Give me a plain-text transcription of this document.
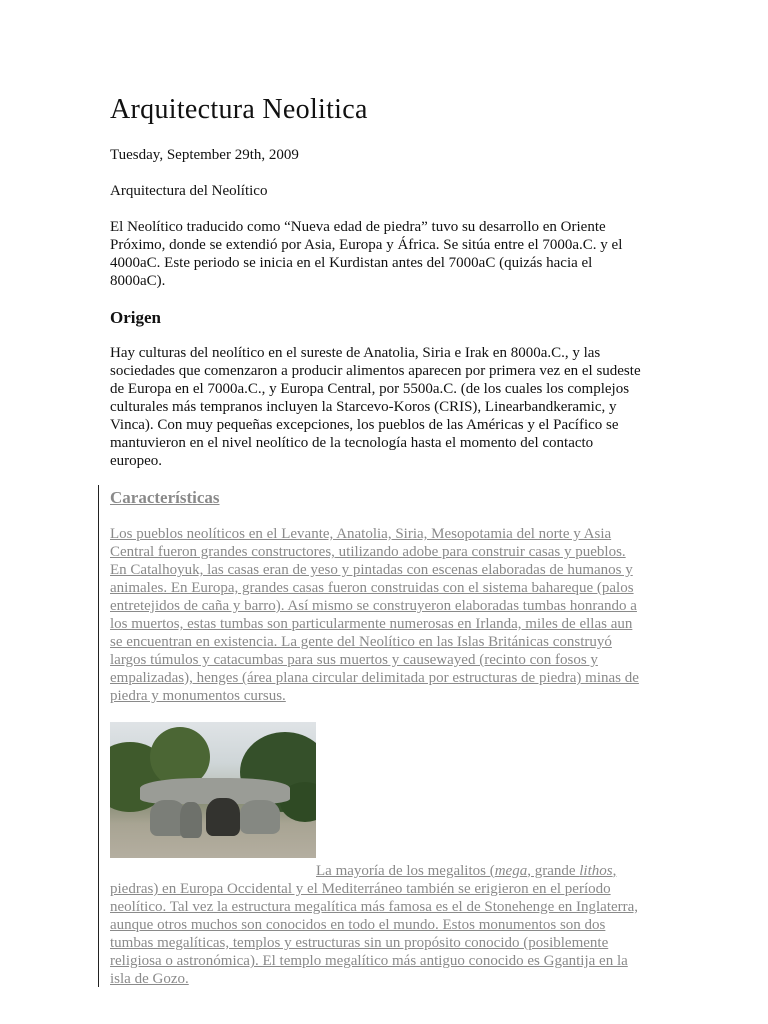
Arquitectura Neolitica
Tuesday, September 29th, 2009
Arquitectura del Neolítico
El Neolítico traducido como “Nueva edad de piedra” tuvo su desarrollo en Oriente
Próximo, donde se extendió por Asia, Europa y África. Se sitúa entre el 7000a.C. y el
4000aC. Este periodo se inicia en el Kurdistan antes del 7000aC (quizás hacia el
8000aC).
Origen
Hay culturas del neolítico en el sureste de Anatolia, Siria e Irak en 8000a.C., y las
sociedades que comenzaron a producir alimentos aparecen por primera vez en el sudeste
de Europa en el 7000a.C., y Europa Central, por 5500a.C. (de los cuales los complejos
culturales más tempranos incluyen la Starcevo-Koros (CRIS), Linearbandkeramic, y
Vinca). Con muy pequeñas excepciones, los pueblos de las Américas y el Pacífico se
mantuvieron en el nivel neolítico de la tecnología hasta el momento del contacto
europeo.
Características
Los pueblos neolíticos en el Levante, Anatolia, Siria, Mesopotamia del norte y Asia
Central fueron grandes constructores, utilizando adobe para construir casas y pueblos.
En Catalhoyuk, las casas eran de yeso y pintadas con escenas elaboradas de humanos y
animales. En Europa, grandes casas fueron construidas con el sistema bahareque (palos
entretejidos de caña y barro). Así mismo se construyeron elaboradas tumbas honrando a
los muertos, estas tumbas son particularmente numerosas en Irlanda, miles de ellas aun
se encuentran en existencia. La gente del Neolítico en las Islas Británicas construyó
largos túmulos y catacumbas para sus muertos y causewayed (recinto con fosos y
empalizadas), henges (área plana circular delimitada por estructuras de piedra) minas de
piedra y monumentos cursus.
La mayoría de los megalitos (mega, grande lithos,
piedras) en Europa Occidental y el Mediterráneo también se erigieron en el período
neolítico. Tal vez la estructura megalítica más famosa es el de Stonehenge en Inglaterra,
aunque otros muchos son conocidos en todo el mundo. Estos monumentos son dos
tumbas megalíticas, templos y estructuras sin un propósito conocido (posiblemente
religiosa o astronómica). El templo megalítico más antiguo conocido es Ggantija en la
isla de Gozo.
